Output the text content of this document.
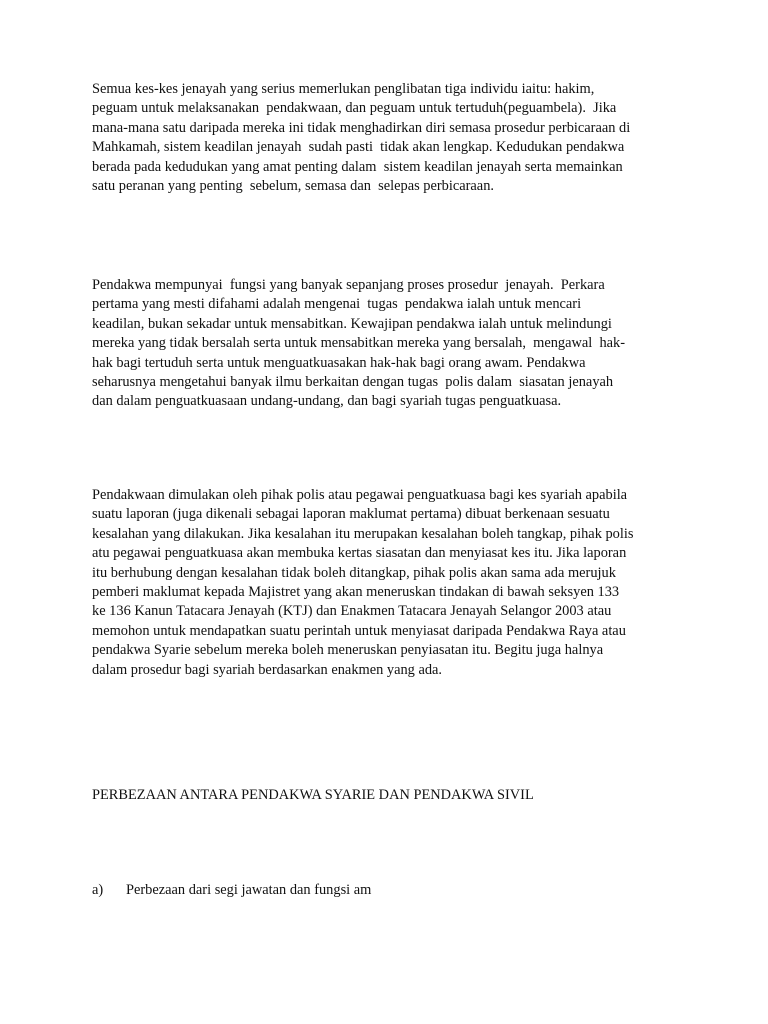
Semua kes-kes jenayah yang serius memerlukan penglibatan tiga individu iaitu: hakim,
peguam untuk melaksanakan  pendakwaan, dan peguam untuk tertuduh(peguambela).  Jika
mana-mana satu daripada mereka ini tidak menghadirkan diri semasa prosedur perbicaraan di
Mahkamah, sistem keadilan jenayah  sudah pasti  tidak akan lengkap. Kedudukan pendakwa
berada pada kedudukan yang amat penting dalam  sistem keadilan jenayah serta memainkan
satu peranan yang penting  sebelum, semasa dan  selepas perbicaraan.
Pendakwa mempunyai  fungsi yang banyak sepanjang proses prosedur  jenayah.  Perkara
pertama yang mesti difahami adalah mengenai  tugas  pendakwa ialah untuk mencari
keadilan, bukan sekadar untuk mensabitkan. Kewajipan pendakwa ialah untuk melindungi
mereka yang tidak bersalah serta untuk mensabitkan mereka yang bersalah,  mengawal  hak-
hak bagi tertuduh serta untuk menguatkuasakan hak-hak bagi orang awam. Pendakwa
seharusnya mengetahui banyak ilmu berkaitan dengan tugas  polis dalam  siasatan jenayah
dan dalam penguatkuasaan undang-undang, dan bagi syariah tugas penguatkuasa.
Pendakwaan dimulakan oleh pihak polis atau pegawai penguatkuasa bagi kes syariah apabila
suatu laporan (juga dikenali sebagai laporan maklumat pertama) dibuat berkenaan sesuatu
kesalahan yang dilakukan. Jika kesalahan itu merupakan kesalahan boleh tangkap, pihak polis
atu pegawai penguatkuasa akan membuka kertas siasatan dan menyiasat kes itu. Jika laporan
itu berhubung dengan kesalahan tidak boleh ditangkap, pihak polis akan sama ada merujuk
pemberi maklumat kepada Majistret yang akan meneruskan tindakan di bawah seksyen 133
ke 136 Kanun Tatacara Jenayah (KTJ) dan Enakmen Tatacara Jenayah Selangor 2003 atau
memohon untuk mendapatkan suatu perintah untuk menyiasat daripada Pendakwa Raya atau
pendakwa Syarie sebelum mereka boleh meneruskan penyiasatan itu. Begitu juga halnya
dalam prosedur bagi syariah berdasarkan enakmen yang ada.
PERBEZAAN ANTARA PENDAKWA SYARIE DAN PENDAKWA SIVIL

a)

Perbezaan dari segi jawatan dan fungsi am
